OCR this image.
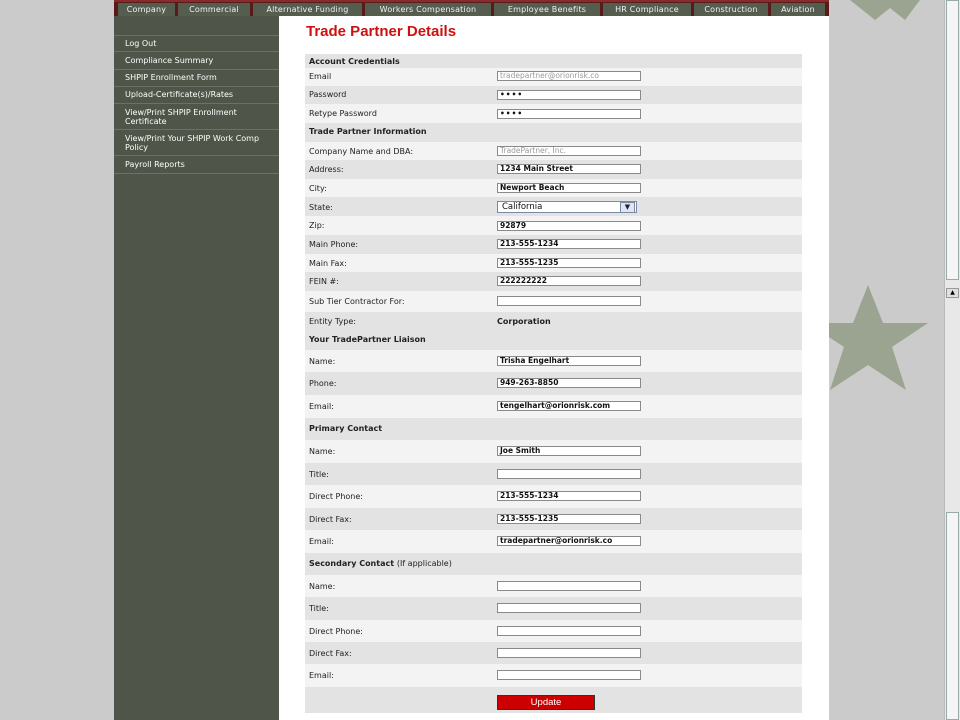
Company	Commercial	Alternative Funding	Workers Compensation	Employee Benefits	HR Compliance	Construction	Aviation
Log Out
Compliance Summary
SHPIP Enrollment Form
Upload-Certificate(s)/Rates
View/Print SHPIP Enrollment Certificate
View/Print Your SHPIP Work Comp Policy
Payroll Reports
Trade Partner Details
Account Credentials
Email	tradepartner@orionrisk.co
Password	••••
Retype Password	••••
Trade Partner Information
Company Name and DBA:	TradePartner, Inc.
Address:	1234 Main Street
City:	Newport Beach
State:	California	▼
Zip:	92879
Main Phone:	213-555-1234
Main Fax:	213-555-1235
FEIN #:	222222222
Sub Tier Contractor For:
Entity Type:	Corporation
Your TradePartner Liaison
Name:	Trisha Engelhart
Phone:	949-263-8850
Email:	tengelhart@orionrisk.com
Primary Contact
Name:	Joe Smith
Title:
Direct Phone:	213-555-1234
Direct Fax:	213-555-1235
Email:	tradepartner@orionrisk.co
Secondary Contact (If applicable)
Name:
Title:
Direct Phone:
Direct Fax:
Email:
Update
▲
